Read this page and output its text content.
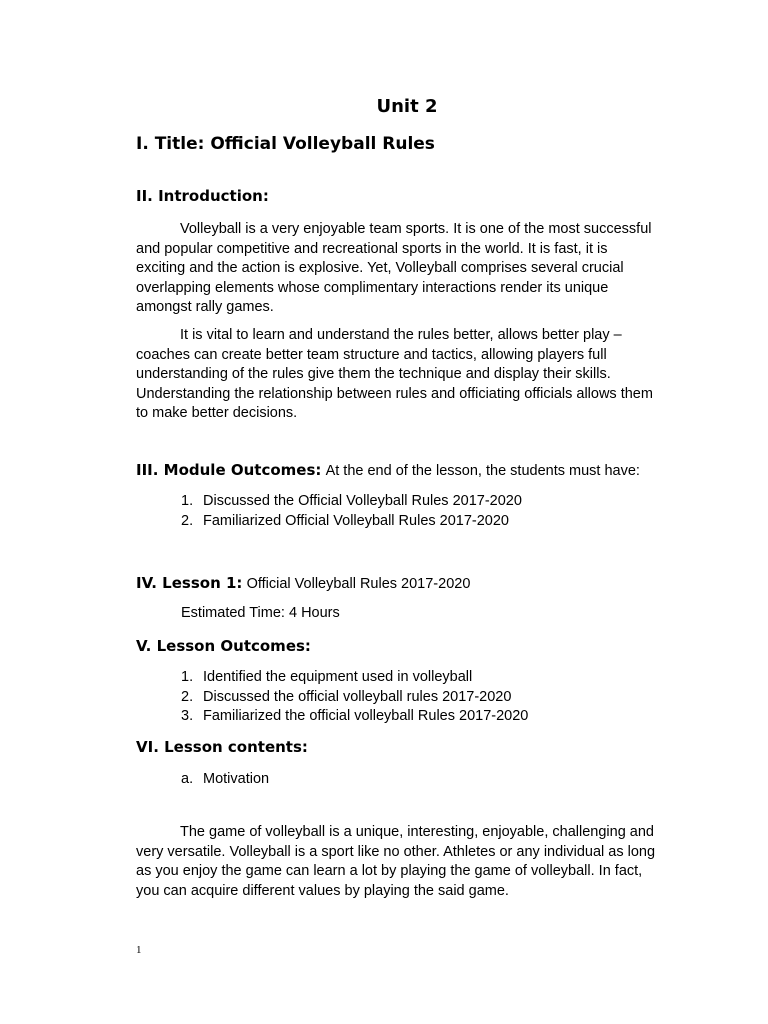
Unit 2
I. Title: Official Volleyball Rules
II. Introduction:
Volleyball is a very enjoyable team sports. It is one of the most successful and popular competitive and recreational sports in the world. It is fast, it is exciting and the action is explosive. Yet, Volleyball comprises several crucial overlapping elements whose complimentary interactions render its unique amongst rally games.
It is vital to learn and understand the rules better, allows better play – coaches can create better team structure and tactics, allowing players full understanding of the rules give them the technique and display their skills. Understanding the relationship between rules and officiating officials allows them to make better decisions.
III. Module Outcomes: At the end of the lesson, the students must have:
1. Discussed the Official Volleyball Rules 2017-2020
2. Familiarized Official Volleyball Rules 2017-2020
IV. Lesson 1: Official Volleyball Rules 2017-2020
Estimated Time: 4 Hours
V. Lesson Outcomes:
1. Identified the equipment used in volleyball
2. Discussed the official volleyball rules 2017-2020
3. Familiarized the official volleyball Rules 2017-2020
VI. Lesson contents:
a. Motivation
The game of volleyball is a unique, interesting, enjoyable, challenging and very versatile. Volleyball is a sport like no other. Athletes or any individual as long as you enjoy the game can learn a lot by playing the game of volleyball. In fact, you can acquire different values by playing the said game.
1
